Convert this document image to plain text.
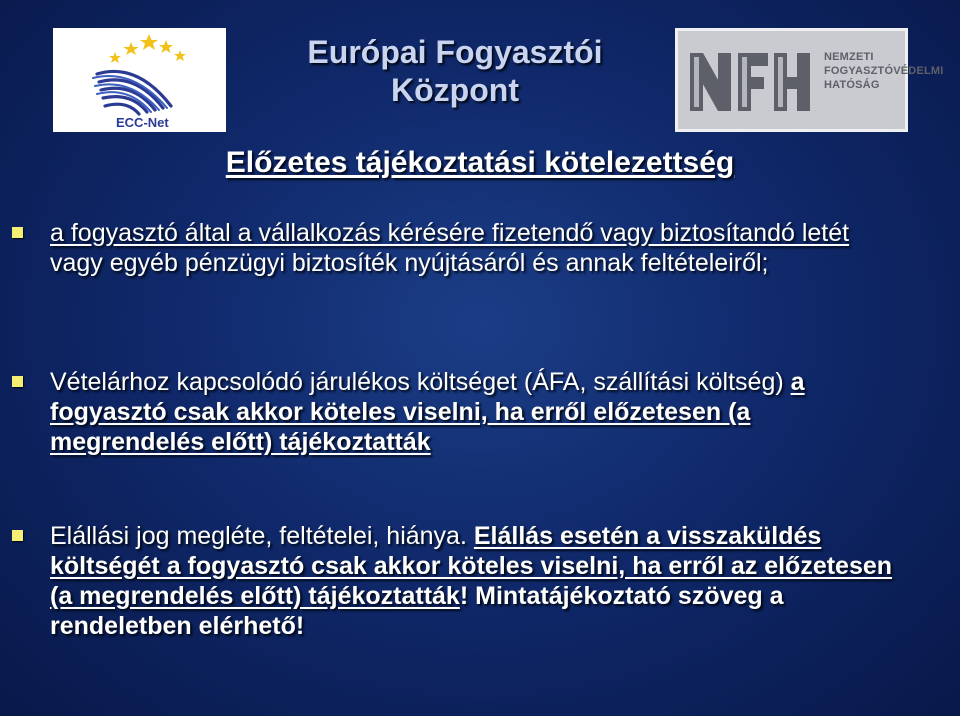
ECC-Net
NEMZETI
FOGYASZTÓVÉDELMI
HATÓSÁG
Európai Fogyasztói
Központ
Előzetes tájékoztatási kötelezettség
a fogyasztó által a vállalkozás kérésére fizetendő vagy biztosítandó letét vagy egyéb pénzügyi biztosíték nyújtásáról és annak feltételeiről;
Vételárhoz kapcsolódó járulékos költséget (ÁFA, szállítási költség) a fogyasztó csak akkor köteles viselni, ha erről előzetesen (a megrendelés előtt) tájékoztatták
Elállási jog megléte, feltételei, hiánya. Elállás esetén a visszaküldés költségét a fogyasztó csak akkor köteles viselni, ha erről az előzetesen (a megrendelés előtt) tájékoztatták! Mintatájékoztató szöveg a rendeletben elérhető!
